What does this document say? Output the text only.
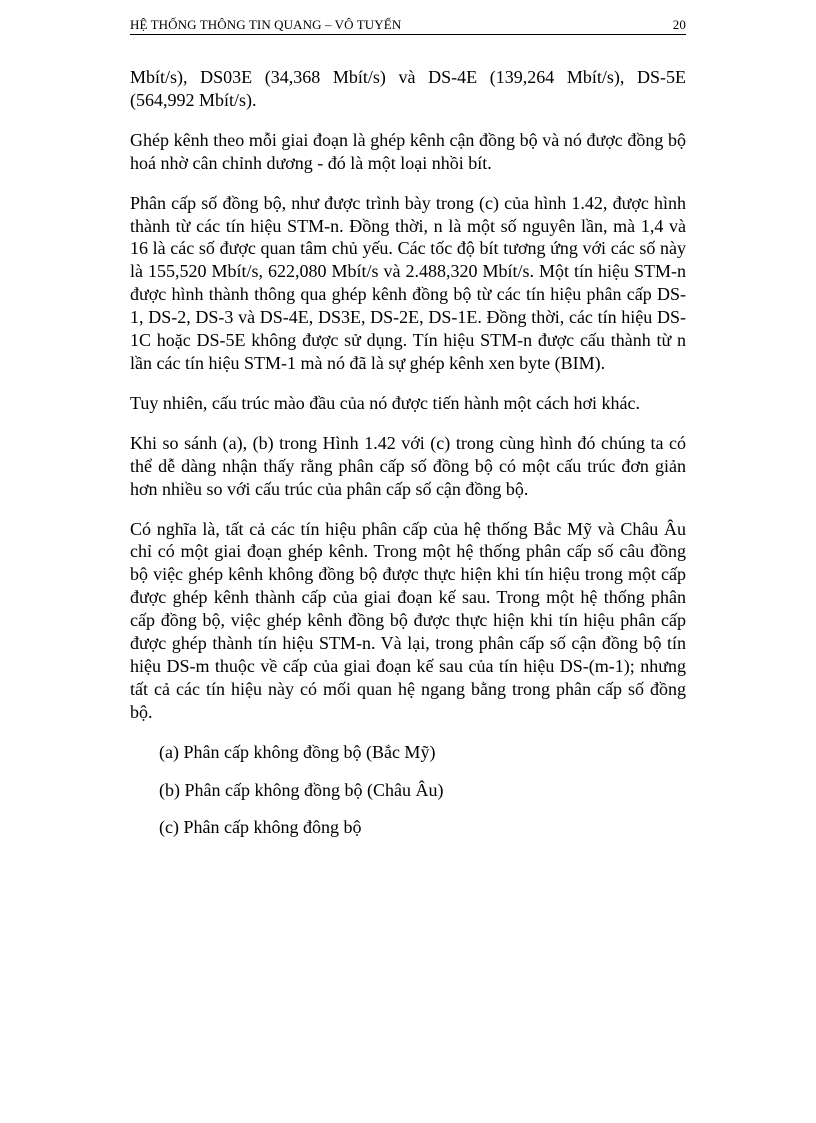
HỆ THỐNG THÔNG TIN QUANG – VÔ TUYẾN	20

Mbít/s), DS03E (34,368 Mbít/s) và DS-4E (139,264 Mbít/s), DS-5E (564,992 Mbít/s).

Ghép kênh theo mỗi giai đoạn là ghép kênh cận đồng bộ và nó được đồng bộ hoá nhờ cân chỉnh dương - đó là một loại nhồi bít.

Phân cấp số đồng bộ, như được trình bày trong (c) của hình 1.42, được hình thành từ các tín hiệu STM-n. Đồng thời, n là một số nguyên lần, mà 1,4 và 16 là các số được quan tâm chủ yếu. Các tốc độ bít tương ứng với các số này là 155,520 Mbít/s, 622,080 Mbít/s và 2.488,320 Mbít/s. Một tín hiệu STM-n được hình thành thông qua ghép kênh đồng bộ từ các tín hiệu phân cấp DS-1, DS-2, DS-3 và DS-4E, DS3E, DS-2E, DS-1E. Đồng thời, các tín hiệu DS-1C hoặc DS-5E không được sử dụng. Tín hiệu STM-n được cấu thành từ n lần các tín hiệu STM-1 mà nó đã là sự ghép kênh xen byte (BIM).

Tuy nhiên, cấu trúc mào đầu của nó được tiến hành một cách hơi khác.

Khi so sánh (a), (b) trong Hình 1.42 với (c) trong cùng hình đó chúng ta có thể dễ dàng nhận thấy rằng phân cấp số đồng bộ có một cấu trúc đơn giản hơn nhiều so với cấu trúc của phân cấp số cận đồng bộ.

Có nghĩa là, tất cả các tín hiệu phân cấp của hệ thống Bắc Mỹ và Châu Âu chỉ có một giai đoạn ghép kênh. Trong một hệ thống phân cấp số câu đồng bộ việc ghép kênh không đồng bộ được thực hiện khi tín hiệu trong một cấp được ghép kênh thành cấp của giai đoạn kế sau. Trong một hệ thống phân cấp đồng bộ, việc ghép kênh đồng bộ được thực hiện khi tín hiệu phân cấp được ghép thành tín hiệu STM-n. Và lại, trong phân cấp số cận đồng bộ tín hiệu DS-m thuộc về cấp của giai đoạn kế sau của tín hiệu DS-(m-1); nhưng tất cả các tín hiệu này có mối quan hệ ngang bằng trong phân cấp số đồng bộ.

(a) Phân cấp không đồng bộ (Bắc Mỹ)
(b) Phân cấp không đồng bộ (Châu Âu)
(c) Phân cấp không đông bộ
